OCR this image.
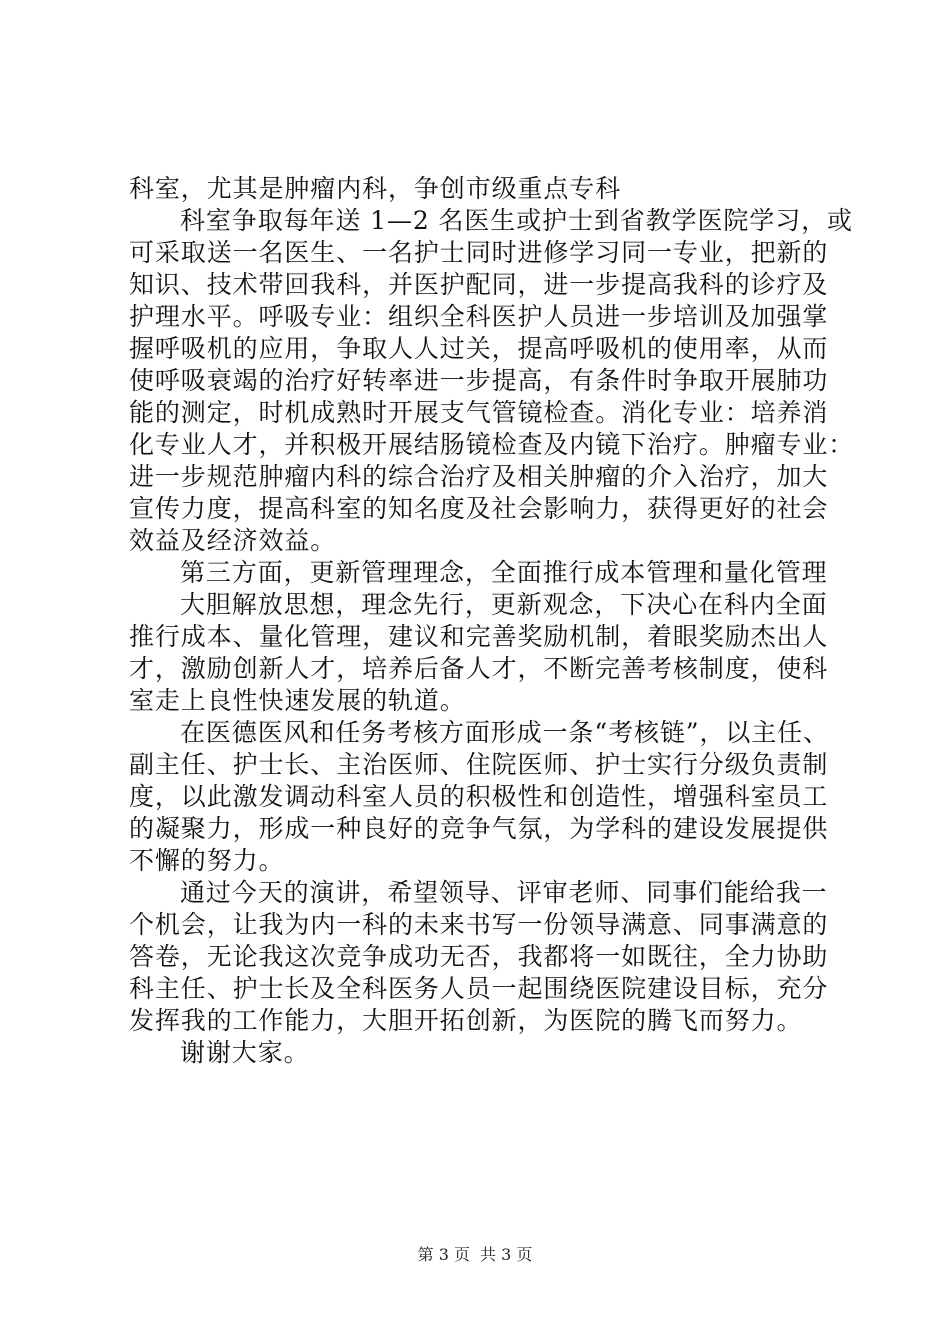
科室，尤其是肿瘤内科，争创市级重点专科
科室争取每年送 1—2 名医生或护士到省教学医院学习，或
可采取送一名医生、一名护士同时进修学习同一专业，把新的
知识、技术带回我科，并医护配同，进一步提高我科的诊疗及
护理水平。呼吸专业：组织全科医护人员进一步培训及加强掌
握呼吸机的应用，争取人人过关，提高呼吸机的使用率，从而
使呼吸衰竭的治疗好转率进一步提高，有条件时争取开展肺功
能的测定，时机成熟时开展支气管镜检查。消化专业：培养消
化专业人才，并积极开展结肠镜检查及内镜下治疗。肿瘤专业：
进一步规范肿瘤内科的综合治疗及相关肿瘤的介入治疗，加大
宣传力度，提高科室的知名度及社会影响力，获得更好的社会
效益及经济效益。
第三方面，更新管理理念，全面推行成本管理和量化管理
大胆解放思想，理念先行，更新观念，下决心在科内全面
推行成本、量化管理，建议和完善奖励机制，着眼奖励杰出人
才，激励创新人才，培养后备人才，不断完善考核制度，使科
室走上良性快速发展的轨道。
在医德医风和任务考核方面形成一条“考核链”，以主任、
副主任、护士长、主治医师、住院医师、护士实行分级负责制
度，以此激发调动科室人员的积极性和创造性，增强科室员工
的凝聚力，形成一种良好的竞争气氛，为学科的建设发展提供
不懈的努力。
通过今天的演讲，希望领导、评审老师、同事们能给我一
个机会，让我为内一科的未来书写一份领导满意、同事满意的
答卷，无论我这次竞争成功无否，我都将一如既往，全力协助
科主任、护士长及全科医务人员一起围绕医院建设目标，充分
发挥我的工作能力，大胆开拓创新，为医院的腾飞而努力。
谢谢大家。
第 3 页 共 3 页
